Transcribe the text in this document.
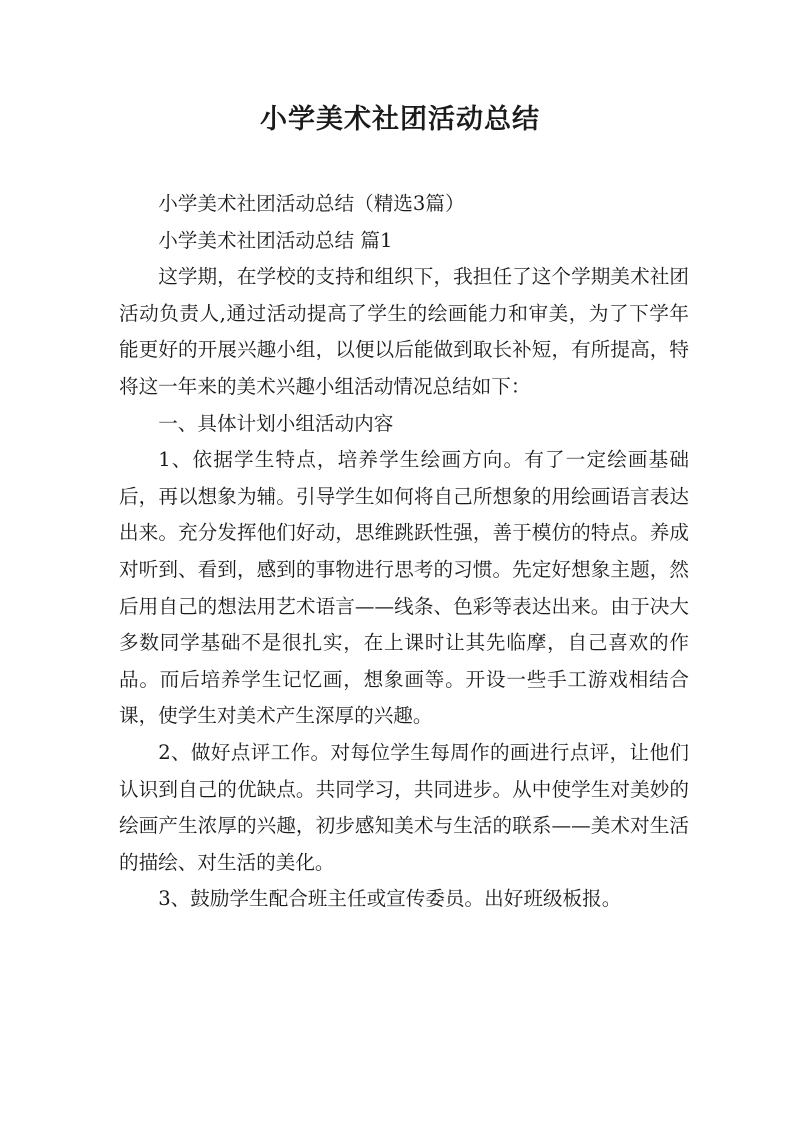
小学美术社团活动总结

小学美术社团活动总结（精选3篇）

小学美术社团活动总结 篇1

这学期，在学校的支持和组织下，我担任了这个学期美术社团活动负责人,通过活动提高了学生的绘画能力和审美，为了下学年能更好的开展兴趣小组，以便以后能做到取长补短，有所提高，特将这一年来的美术兴趣小组活动情况总结如下：

一、具体计划小组活动内容

1、依据学生特点，培养学生绘画方向。有了一定绘画基础后，再以想象为辅。引导学生如何将自己所想象的用绘画语言表达出来。充分发挥他们好动，思维跳跃性强，善于模仿的特点。养成对听到、看到，感到的事物进行思考的习惯。先定好想象主题，然后用自己的想法用艺术语言——线条、色彩等表达出来。由于决大多数同学基础不是很扎实，在上课时让其先临摩，自己喜欢的作品。而后培养学生记忆画，想象画等。开设一些手工游戏相结合课，使学生对美术产生深厚的兴趣。

2、做好点评工作。对每位学生每周作的画进行点评，让他们认识到自己的优缺点。共同学习，共同进步。从中使学生对美妙的绘画产生浓厚的兴趣，初步感知美术与生活的联系——美术对生活的描绘、对生活的美化。

3、鼓励学生配合班主任或宣传委员。出好班级板报。
